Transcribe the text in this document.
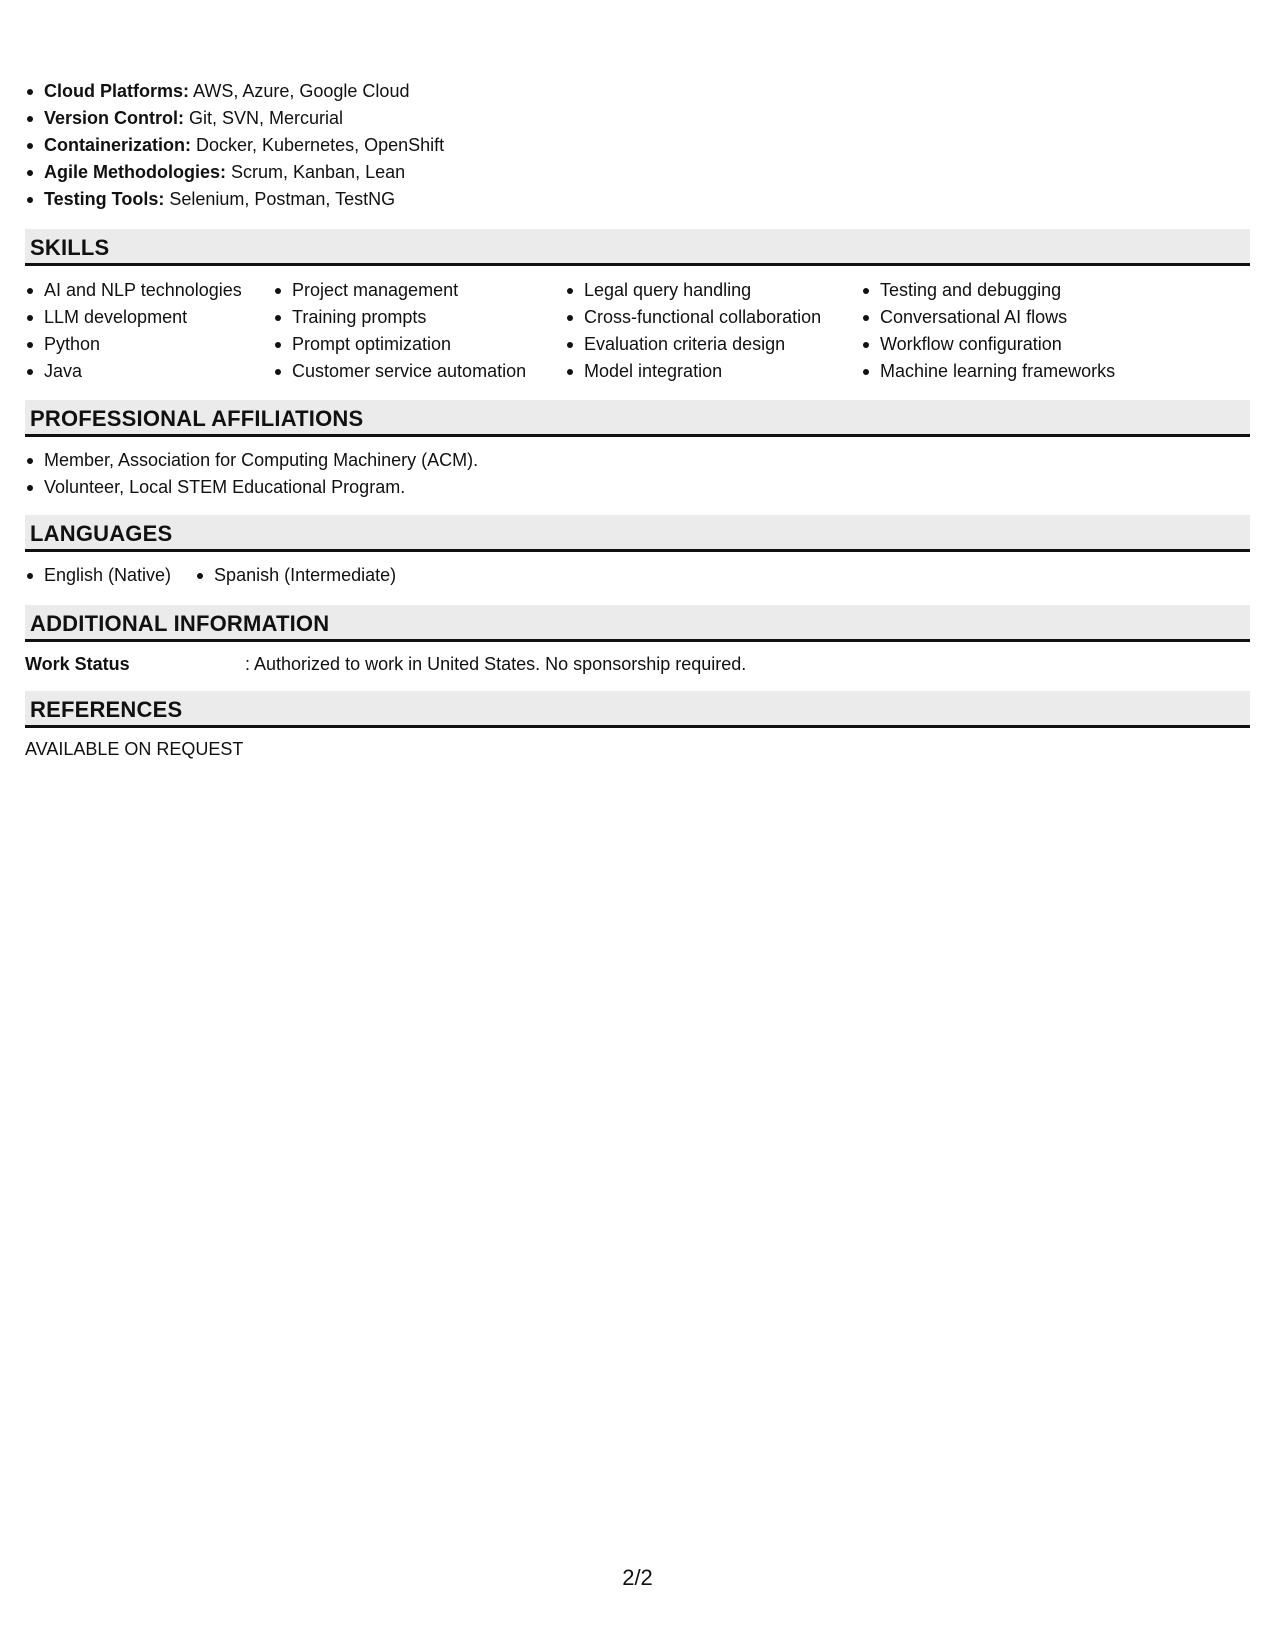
Cloud Platforms: AWS, Azure, Google Cloud
Version Control: Git, SVN, Mercurial
Containerization: Docker, Kubernetes, OpenShift
Agile Methodologies: Scrum, Kanban, Lean
Testing Tools: Selenium, Postman, TestNG
SKILLS
AI and NLP technologies
LLM development
Python
Java
Project management
Training prompts
Prompt optimization
Customer service automation
Legal query handling
Cross-functional collaboration
Evaluation criteria design
Model integration
Testing and debugging
Conversational AI flows
Workflow configuration
Machine learning frameworks
PROFESSIONAL AFFILIATIONS
Member, Association for Computing Machinery (ACM).
Volunteer, Local STEM Educational Program.
LANGUAGES
English (Native)	Spanish (Intermediate)
ADDITIONAL INFORMATION
Work Status	: Authorized to work in United States. No sponsorship required.
REFERENCES
AVAILABLE ON REQUEST
2/2
